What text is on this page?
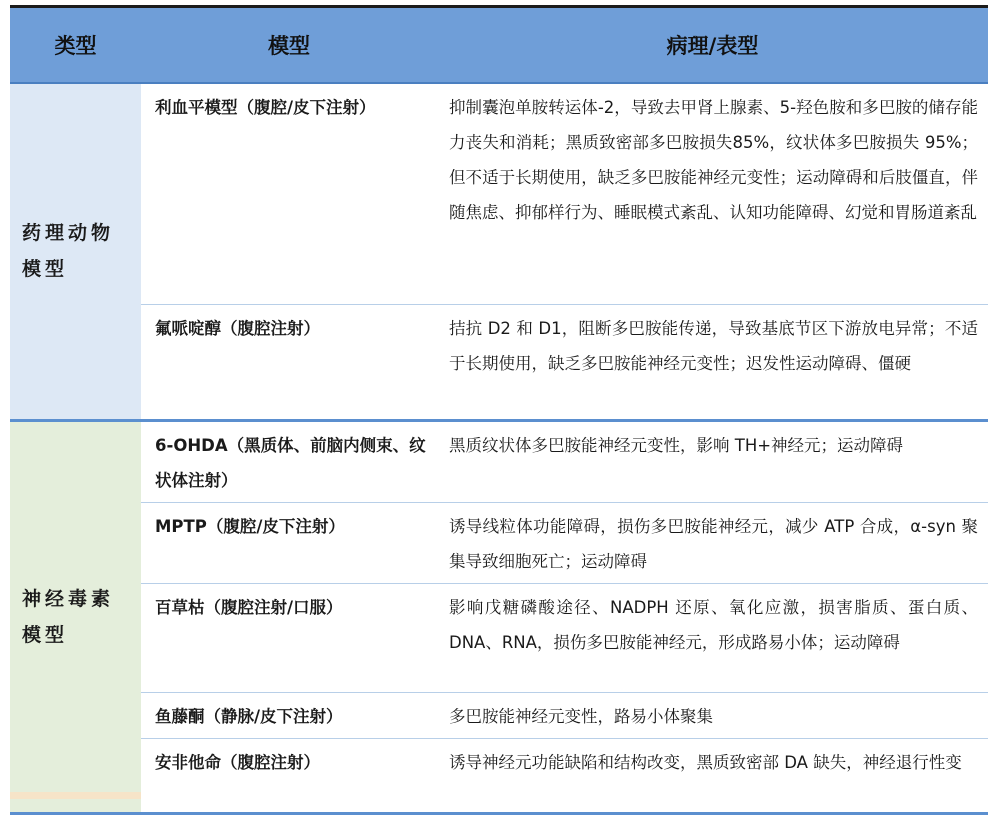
类型	模型	病理/表型
药理动物模型	利血平模型（腹腔/皮下注射）	抑制囊泡单胺转运体-2，导致去甲肾上腺素、5-羟色胺和多巴胺的储存能力丧失和消耗；黑质致密部多巴胺损失85%，纹状体多巴胺损失 95%；但不适于长期使用，缺乏多巴胺能神经元变性；运动障碍和后肢僵直，伴随焦虑、抑郁样行为、睡眠模式紊乱、认知功能障碍、幻觉和胃肠道紊乱
	氟哌啶醇（腹腔注射）	拮抗 D2 和 D1，阻断多巴胺能传递，导致基底节区下游放电异常；不适于长期使用，缺乏多巴胺能神经元变性；迟发性运动障碍、僵硬
神经毒素模型	6-OHDA（黑质体、前脑内侧束、纹状体注射）	黑质纹状体多巴胺能神经元变性，影响 TH+神经元；运动障碍
	MPTP（腹腔/皮下注射）	诱导线粒体功能障碍，损伤多巴胺能神经元，减少 ATP 合成，α-syn 聚集导致细胞死亡；运动障碍
	百草枯（腹腔注射/口服）	影响戊糖磷酸途径、NADPH 还原、氧化应激，损害脂质、蛋白质、DNA、RNA，损伤多巴胺能神经元，形成路易小体；运动障碍
	鱼藤酮（静脉/皮下注射）	多巴胺能神经元变性，路易小体聚集
	安非他命（腹腔注射）	诱导神经元功能缺陷和结构改变，黑质致密部 DA 缺失，神经退行性变
